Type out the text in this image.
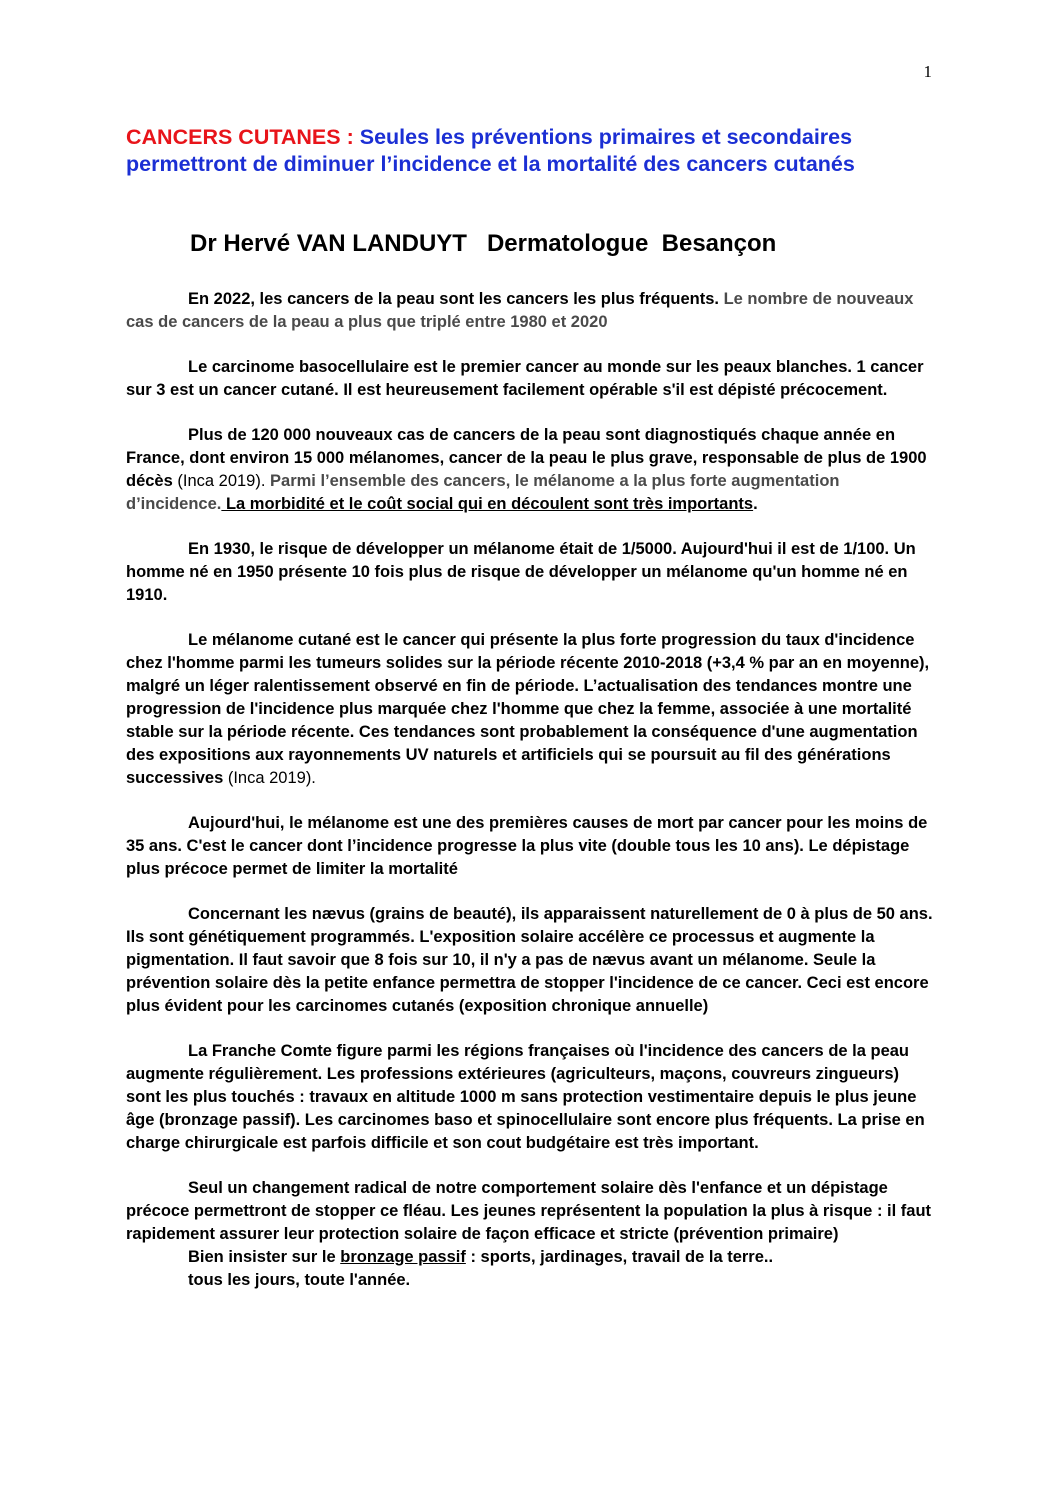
1
CANCERS CUTANES : Seules les préventions primaires et secondaires permettront de diminuer l’incidence et la mortalité des cancers cutanés
Dr Hervé VAN LANDUYT   Dermatologue  Besançon

En 2022, les cancers de la peau sont les cancers les plus fréquents. Le nombre de nouveaux cas de cancers de la peau a plus que triplé entre 1980 et 2020

Le carcinome basocellulaire est le premier cancer au monde sur les peaux blanches. 1 cancer sur 3 est un cancer cutané. Il est heureusement facilement opérable s'il est dépisté précocement.

Plus de 120 000 nouveaux cas de cancers de la peau sont diagnostiqués chaque année en France, dont environ 15 000 mélanomes, cancer de la peau le plus grave, responsable de plus de 1900 décès (Inca 2019). Parmi l’ensemble des cancers, le mélanome a la plus forte augmentation d’incidence. La morbidité et le coût social qui en découlent sont très importants.

En 1930, le risque de développer un mélanome était de 1/5000. Aujourd'hui il est de 1/100. Un homme né en 1950 présente 10 fois plus de risque de développer un mélanome qu'un homme né en 1910.

Le mélanome cutané est le cancer qui présente la plus forte progression du taux d'incidence chez l'homme parmi les tumeurs solides sur la période récente 2010-2018 (+3,4 % par an en moyenne), malgré un léger ralentissement observé en fin de période. L’actualisation des tendances montre une progression de l'incidence plus marquée chez l'homme que chez la femme, associée à une mortalité stable sur la période récente. Ces tendances sont probablement la conséquence d'une augmentation des expositions aux rayonnements UV naturels et artificiels qui se poursuit au fil des générations successives (Inca 2019).

Aujourd'hui, le mélanome est une des premières causes de mort par cancer pour les moins de 35 ans. C'est le cancer dont l’incidence progresse la plus vite (double tous les 10 ans). Le dépistage plus précoce permet de limiter la mortalité

Concernant les nævus (grains de beauté), ils apparaissent naturellement de 0 à plus de 50 ans. Ils sont génétiquement programmés. L'exposition solaire accélère ce processus et augmente la pigmentation. Il faut savoir que 8 fois sur 10, il n'y a pas de nævus avant un mélanome. Seule la prévention solaire dès la petite enfance permettra de stopper l'incidence de ce cancer. Ceci est encore plus évident pour les carcinomes cutanés (exposition chronique annuelle)

La Franche Comte figure parmi les régions françaises où l'incidence des cancers de la peau augmente régulièrement. Les professions extérieures (agriculteurs, maçons, couvreurs zingueurs) sont les plus touchés : travaux en altitude 1000 m sans protection vestimentaire depuis le plus jeune âge (bronzage passif). Les carcinomes baso et spinocellulaire sont encore plus fréquents. La prise en charge chirurgicale est parfois difficile et son cout budgétaire est très important.

Seul un changement radical de notre comportement solaire dès l'enfance et un dépistage précoce permettront de stopper ce fléau. Les jeunes représentent la population la plus à risque : il faut rapidement assurer leur protection solaire de façon efficace et stricte (prévention primaire)

Bien insister sur le bronzage passif : sports, jardinages, travail de la terre..

tous les jours, toute l'année.
